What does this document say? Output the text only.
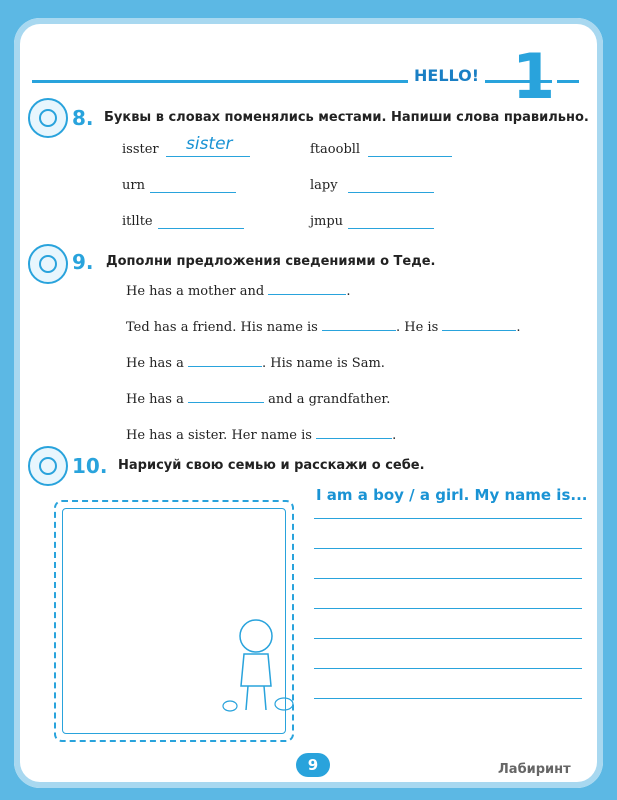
HELLO! 1
8. Буквы в словах поменялись местами. Напиши слова правильно.
isster sister	ftaoobll
urn	lapy
itllte	jmpu
9. Дополни предложения сведениями о Теде.
He has a mother and	.
Ted has a friend. His name is	. He is	.
He has a	. His name is Sam.
He has a	and a grandfather.
He has a sister. Her name is	.
10. Нарисуй свою семью и расскажи о себе.
I am a boy / a girl. My name is...
9	Лабиринт
